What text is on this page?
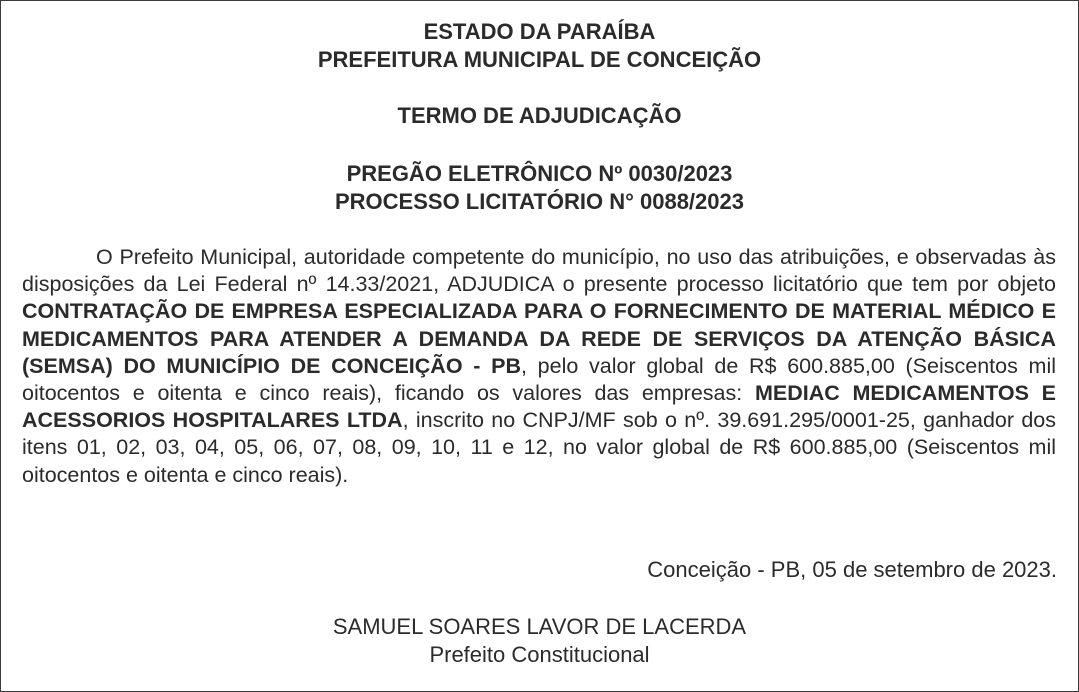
ESTADO DA PARAÍBA
PREFEITURA MUNICIPAL DE CONCEIÇÃO
TERMO DE ADJUDICAÇÃO
PREGÃO ELETRÔNICO Nº 0030/2023
PROCESSO LICITATÓRIO N° 0088/2023

O Prefeito Municipal, autoridade competente do município, no uso das atribuições, e observadas às disposições da Lei Federal nº 14.33/2021, ADJUDICA o presente processo licitatório que tem por objeto CONTRATAÇÃO DE EMPRESA ESPECIALIZADA PARA O FORNECIMENTO DE MATERIAL MÉDICO E MEDICAMENTOS PARA ATENDER A DEMANDA DA REDE DE SERVIÇOS DA ATENÇÃO BÁSICA (SEMSA) DO MUNICÍPIO DE CONCEIÇÃO - PB, pelo valor global de R$ 600.885,00 (Seiscentos mil oitocentos e oitenta e cinco reais), ficando os valores das empresas: MEDIAC MEDICAMENTOS E ACESSORIOS HOSPITALARES LTDA, inscrito no CNPJ/MF sob o nº. 39.691.295/0001-25, ganhador dos itens 01, 02, 03, 04, 05, 06, 07, 08, 09, 10, 11 e 12, no valor global de R$ 600.885,00 (Seiscentos mil oitocentos e oitenta e cinco reais).

Conceição - PB, 05 de setembro de 2023.
SAMUEL SOARES LAVOR DE LACERDA
Prefeito Constitucional
